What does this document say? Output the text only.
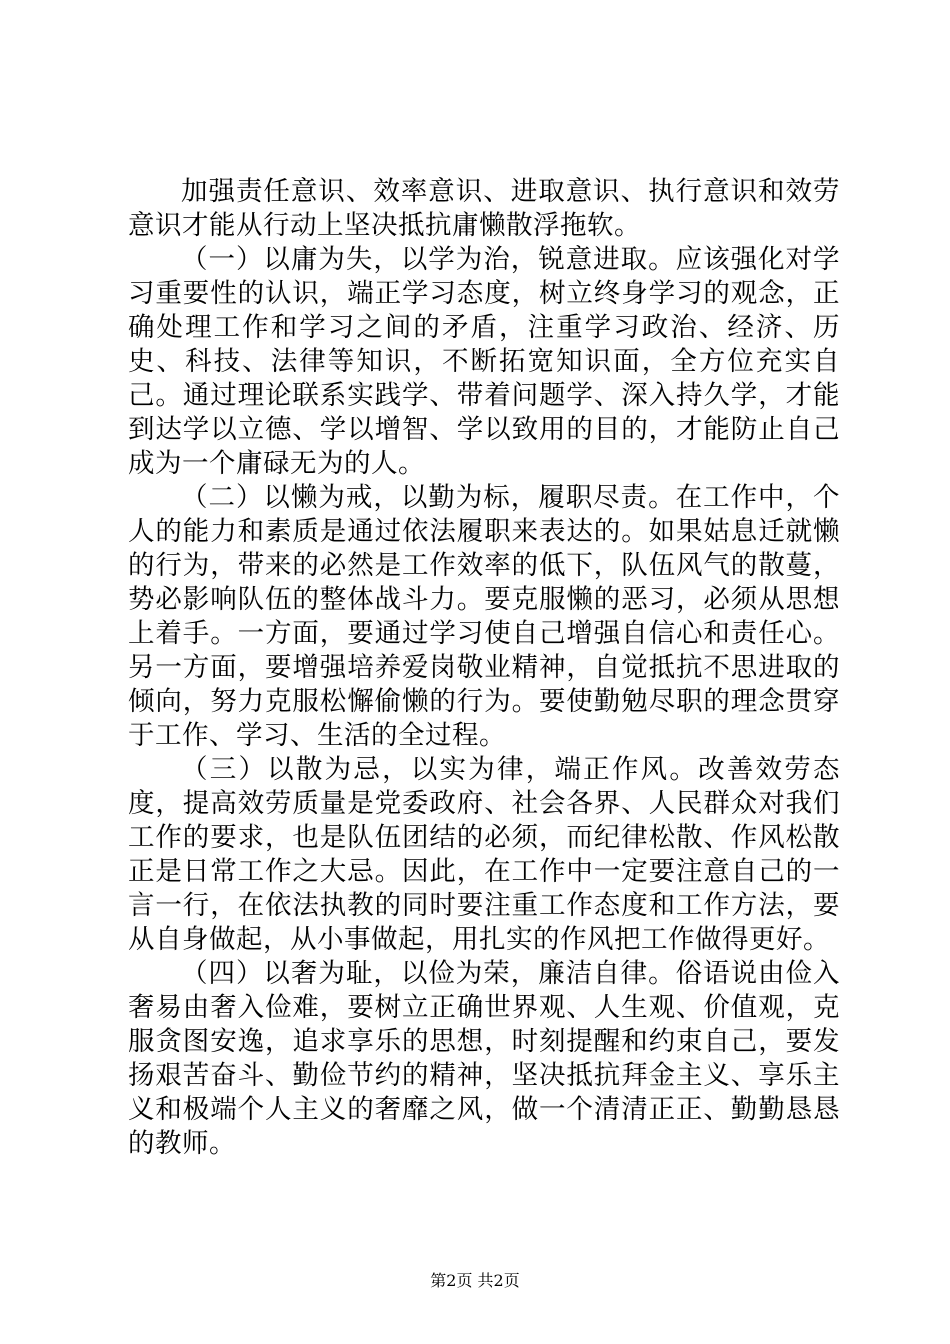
加强责任意识、效率意识、进取意识、执行意识和效劳意识才能从行动上坚决抵抗庸懒散浮拖软。

（一）以庸为失，以学为治，锐意进取。应该强化对学习重要性的认识，端正学习态度，树立终身学习的观念，正确处理工作和学习之间的矛盾，注重学习政治、经济、历史、科技、法律等知识，不断拓宽知识面，全方位充实自己。通过理论联系实践学、带着问题学、深入持久学，才能到达学以立德、学以增智、学以致用的目的，才能防止自己成为一个庸碌无为的人。

（二）以懒为戒，以勤为标，履职尽责。在工作中，个人的能力和素质是通过依法履职来表达的。如果姑息迁就懒的行为，带来的必然是工作效率的低下，队伍风气的散蔓，势必影响队伍的整体战斗力。要克服懒的恶习，必须从思想上着手。一方面，要通过学习使自己增强自信心和责任心。另一方面，要增强培养爱岗敬业精神，自觉抵抗不思进取的倾向，努力克服松懈偷懒的行为。要使勤勉尽职的理念贯穿于工作、学习、生活的全过程。

（三）以散为忌，以实为律，端正作风。改善效劳态度，提高效劳质量是党委政府、社会各界、人民群众对我们工作的要求，也是队伍团结的必须，而纪律松散、作风松散正是日常工作之大忌。因此，在工作中一定要注意自己的一言一行，在依法执教的同时要注重工作态度和工作方法，要从自身做起，从小事做起，用扎实的作风把工作做得更好。

（四）以奢为耻，以俭为荣，廉洁自律。俗语说由俭入奢易由奢入俭难，要树立正确世界观、人生观、价值观，克服贪图安逸，追求享乐的思想，时刻提醒和约束自己，要发扬艰苦奋斗、勤俭节约的精神，坚决抵抗拜金主义、享乐主义和极端个人主义的奢靡之风，做一个清清正正、勤勤恳恳的教师。

第2页 共2页
